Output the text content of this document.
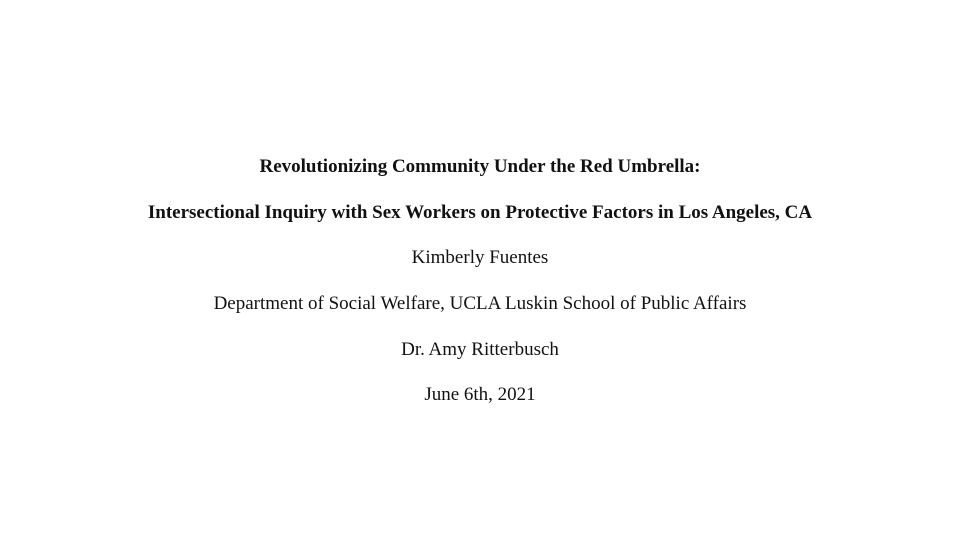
Revolutionizing Community Under the Red Umbrella:
Intersectional Inquiry with Sex Workers on Protective Factors in Los Angeles, CA
Kimberly Fuentes
Department of Social Welfare, UCLA Luskin School of Public Affairs
Dr. Amy Ritterbusch
June 6th, 2021
